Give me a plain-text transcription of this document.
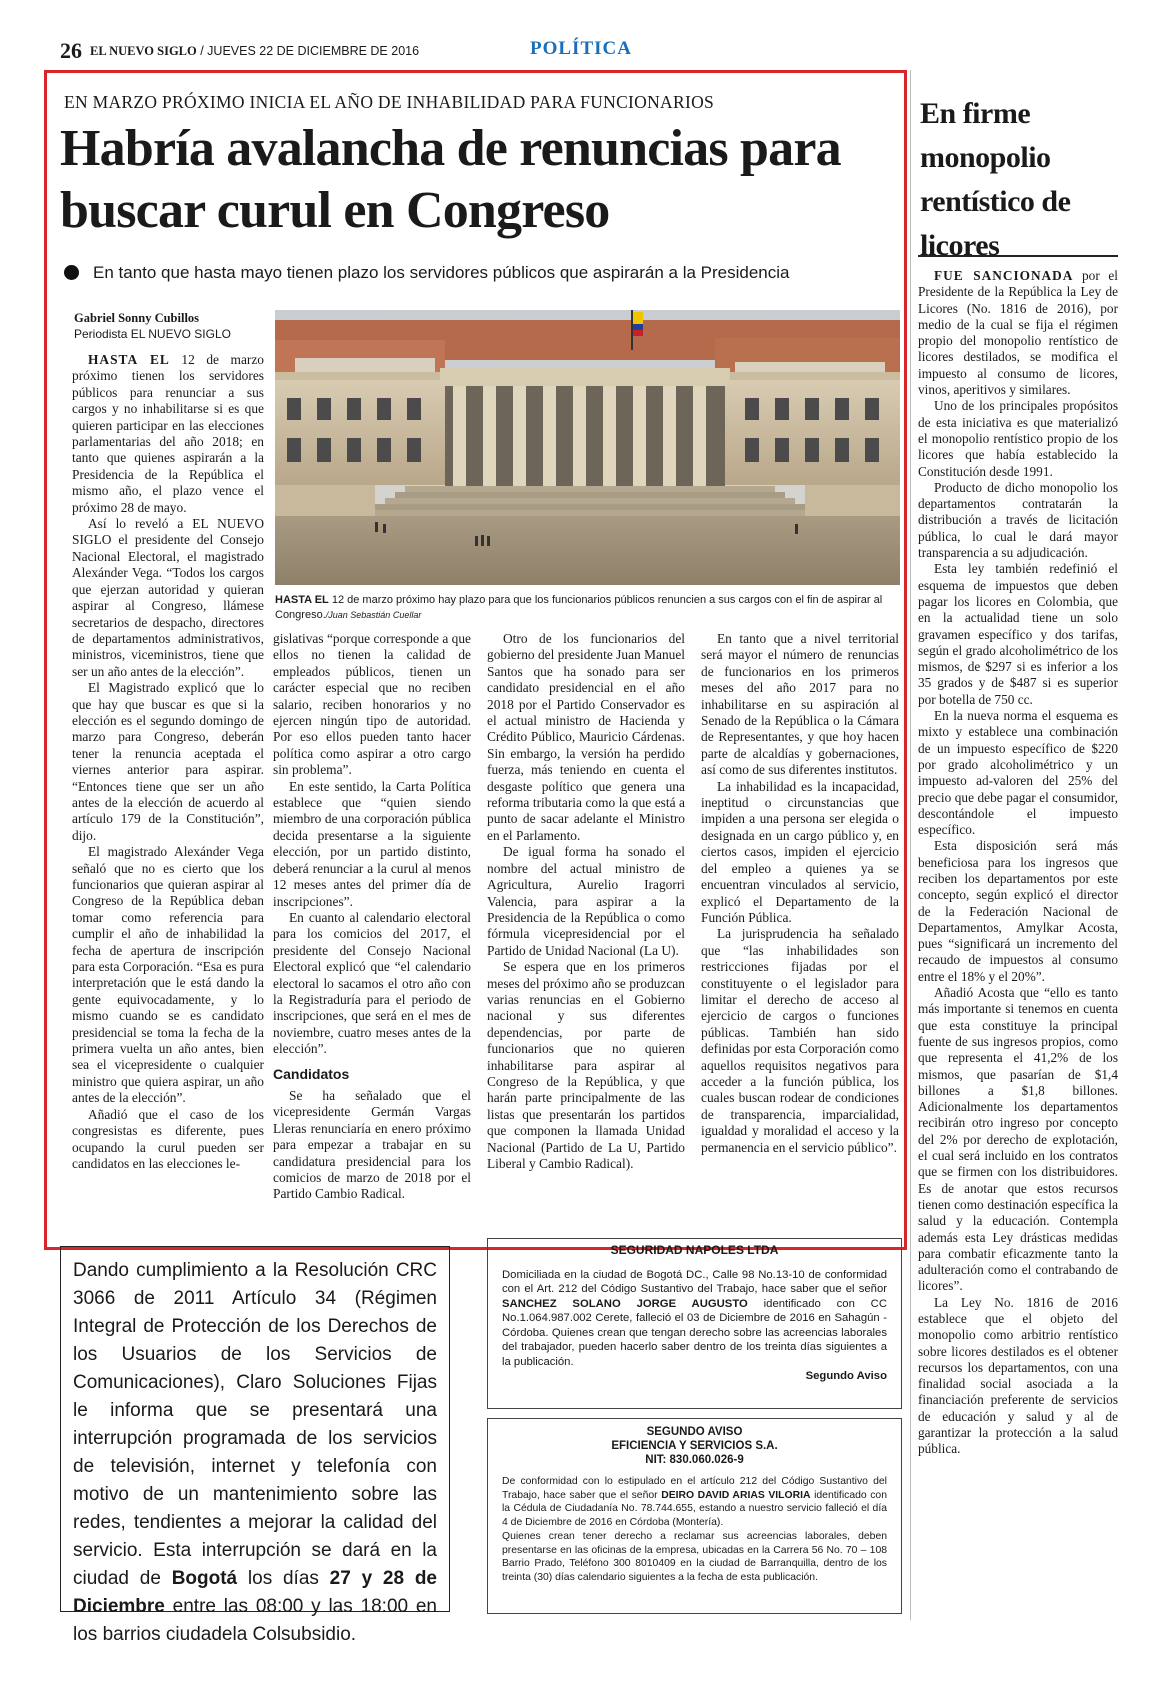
26 EL NUEVO SIGLO / JUEVES 22 DE DICIEMBRE DE 2016	POLÍTICA
EN MARZO PRÓXIMO INICIA EL AÑO DE INHABILIDAD PARA FUNCIONARIOS
Habría avalancha de renuncias para buscar curul en Congreso
En tanto que hasta mayo tienen plazo los servidores públicos que aspirarán a la Presidencia
Gabriel Sonny Cubillos
Periodista EL NUEVO SIGLO
HASTA EL 12 de marzo próximo hay plazo para que los funcionarios públicos renuncien a sus cargos con el fin de aspirar al Congreso./Juan Sebastián Cuellar

HASTA EL 12 de marzo próximo tienen los servidores públicos para renunciar a sus cargos y no inhabilitarse si es que quieren participar en las elecciones parlamentarias del año 2018; en tanto que quienes aspirarán a la Presidencia de la República el mismo año, el plazo vence el próximo 28 de mayo.

Así lo reveló a EL NUEVO SIGLO el presidente del Consejo Nacional Electoral, el magistrado Alexánder Vega. “Todos los cargos que ejerzan autoridad y quieran aspirar al Congreso, llámese secretarios de despacho, directores de departamentos administrativos, ministros, viceministros, tiene que ser un año antes de la elección”.

El Magistrado explicó que lo que hay que buscar es que si la elección es el segundo domingo de marzo para Congreso, deberán tener la renuncia aceptada el viernes anterior para aspirar. “Entonces tiene que ser un año antes de la elección de acuerdo al artículo 179 de la Constitución”, dijo.

El magistrado Alexánder Vega señaló que no es cierto que los funcionarios que quieran aspirar al Congreso de la República deban tomar como referencia para cumplir el año de inhabilidad la fecha de apertura de inscripción para esta Corporación. “Esa es pura interpretación que le está dando la gente equivocadamente, y lo mismo cuando se es candidato presidencial se toma la fecha de la primera vuelta un año antes, bien sea el vicepresidente o cualquier ministro que quiera aspirar, un año antes de la elección”.

Añadió que el caso de los congresistas es diferente, pues ocupando la curul pueden ser candidatos en las elecciones le-

gislativas “porque corresponde a que ellos no tienen la calidad de empleados públicos, tienen un carácter especial que no reciben salario, reciben honorarios y no ejercen ningún tipo de autoridad. Por eso ellos pueden tanto hacer política como aspirar a otro cargo sin problema”.

En este sentido, la Carta Política establece que “quien siendo miembro de una corporación pública decida presentarse a la siguiente elección, por un partido distinto, deberá renunciar a la curul al menos 12 meses antes del primer día de inscripciones”.

En cuanto al calendario electoral para los comicios del 2017, el presidente del Consejo Nacional Electoral explicó que “el calendario electoral lo sacamos el otro año con la Registraduría para el periodo de inscripciones, que será en el mes de noviembre, cuatro meses antes de la elección”.

Candidatos

Se ha señalado que el vicepresidente Germán Vargas Lleras renunciaría en enero próximo para empezar a trabajar en su candidatura presidencial para los comicios de marzo de 2018 por el Partido Cambio Radical.

Otro de los funcionarios del gobierno del presidente Juan Manuel Santos que ha sonado para ser candidato presidencial en el año 2018 por el Partido Conservador es el actual ministro de Hacienda y Crédito Público, Mauricio Cárdenas. Sin embargo, la versión ha perdido fuerza, más teniendo en cuenta el desgaste político que genera una reforma tributaria como la que está a punto de sacar adelante el Ministro en el Parlamento.

De igual forma ha sonado el nombre del actual ministro de Agricultura, Aurelio Iragorri Valencia, para aspirar a la Presidencia de la República o como fórmula vicepresidencial por el Partido de Unidad Nacional (La U).

Se espera que en los primeros meses del próximo año se produzcan varias renuncias en el Gobierno nacional y sus diferentes dependencias, por parte de funcionarios que no quieren inhabilitarse para aspirar al Congreso de la República, y que harán parte principalmente de las listas que presentarán los partidos que componen la llamada Unidad Nacional (Partido de La U, Partido Liberal y Cambio Radical).

En tanto que a nivel territorial será mayor el número de renuncias de funcionarios en los primeros meses del año 2017 para no inhabilitarse en su aspiración al Senado de la República o la Cámara de Representantes, y que hoy hacen parte de alcaldías y gobernaciones, así como de sus diferentes institutos.

La inhabilidad es la incapacidad, ineptitud o circunstancias que impiden a una persona ser elegida o designada en un cargo público y, en ciertos casos, impiden el ejercicio del empleo a quienes ya se encuentran vinculados al servicio, explicó el Departamento de la Función Pública.

La jurisprudencia ha señalado que “las inhabilidades son restricciones fijadas por el constituyente o el legislador para limitar el derecho de acceso al ejercicio de cargos o funciones públicas. También han sido definidas por esta Corporación como aquellos requisitos negativos para acceder a la función pública, los cuales buscan rodear de condiciones de transparencia, imparcialidad, igualdad y moralidad el acceso y la permanencia en el servicio público”.

En firme monopolio rentístico de licores

FUE SANCIONADA por el Presidente de la República la Ley de Licores (No. 1816 de 2016), por medio de la cual se fija el régimen propio del monopolio rentístico de licores destilados, se modifica el impuesto al consumo de licores, vinos, aperitivos y similares.

Uno de los principales propósitos de esta iniciativa es que materializó el monopolio rentístico propio de los licores que había establecido la Constitución desde 1991.

Producto de dicho monopolio los departamentos contratarán la distribución a través de licitación pública, lo cual le dará mayor transparencia a su adjudicación.

Esta ley también redefinió el esquema de impuestos que deben pagar los licores en Colombia, que en la actualidad tiene un solo gravamen específico y dos tarifas, según el grado alcoholimétrico de los mismos, de $297 si es inferior a los 35 grados y de $487 si es superior por botella de 750 cc.

En la nueva norma el esquema es mixto y establece una combinación de un impuesto específico de $220 por grado alcoholimétrico y un impuesto ad-valoren del 25% del precio que debe pagar el consumidor, descontándole el impuesto específico.

Esta disposición será más beneficiosa para los ingresos que reciben los departamentos por este concepto, según explicó el director de la Federación Nacional de Departamentos, Amylkar Acosta, pues “significará un incremento del recaudo de impuestos al consumo entre el 18% y el 20%”.

Añadió Acosta que “ello es tanto más importante si tenemos en cuenta que esta constituye la principal fuente de sus ingresos propios, como que representa el 41,2% de los mismos, que pasarían de $1,4 billones a $1,8 billones. Adicionalmente los departamentos recibirán otro ingreso por concepto del 2% por derecho de explotación, el cual será incluido en los contratos que se firmen con los distribuidores. Es de anotar que estos recursos tienen como destinación específica la salud y la educación. Contempla además esta Ley drásticas medidas para combatir eficazmente tanto la adulteración como el contrabando de licores”.

La Ley No. 1816 de 2016 establece que el objeto del monopolio como arbitrio rentístico sobre licores destilados es el obtener recursos los departamentos, con una finalidad social asociada a la financiación preferente de servicios de educación y salud y al de garantizar la protección a la salud pública.

Dando cumplimiento a la Resolución CRC 3066 de 2011 Artículo 34 (Régimen Integral de Protección de los Derechos de los Usuarios de los Servicios de Comunicaciones), Claro Soluciones Fijas le informa que se presentará una interrupción programada de los servicios de televisión, internet y telefonía con motivo de un mantenimiento sobre las redes, tendientes a mejorar la calidad del servicio. Esta interrupción se dará en la ciudad de Bogotá los días 27 y 28 de Diciembre entre las 08:00 y las 18:00 en los barrios ciudadela Colsubsidio.
SEGURIDAD NAPOLES LTDA
Domiciliada en la ciudad de Bogotá DC., Calle 98 No.13-10 de conformidad con el Art. 212 del Código Sustantivo del Trabajo, hace saber que el señor SANCHEZ SOLANO JORGE AUGUSTO identificado con CC No.1.064.987.002 Cerete, falleció el 03 de Diciembre de 2016 en Sahagún - Córdoba. Quienes crean que tengan derecho sobre las acreencias laborales del trabajador, pueden hacerlo saber dentro de los treinta días siguientes a la publicación.
Segundo Aviso
SEGUNDO AVISO
EFICIENCIA Y SERVICIOS S.A.
NIT: 830.060.026-9
De conformidad con lo estipulado en el artículo 212 del Código Sustantivo del Trabajo, hace saber que el señor DEIRO DAVID ARIAS VILORIA identificado con la Cédula de Ciudadanía No. 78.744.655, estando a nuestro servicio falleció el día 4 de Diciembre de 2016 en Córdoba (Montería).
Quienes crean tener derecho a reclamar sus acreencias laborales, deben presentarse en las oficinas de la empresa, ubicadas en la Carrera 56 No. 70 – 108 Barrio Prado, Teléfono 300 8010409 en la ciudad de Barranquilla, dentro de los treinta (30) días calendario siguientes a la fecha de esta publicación.
